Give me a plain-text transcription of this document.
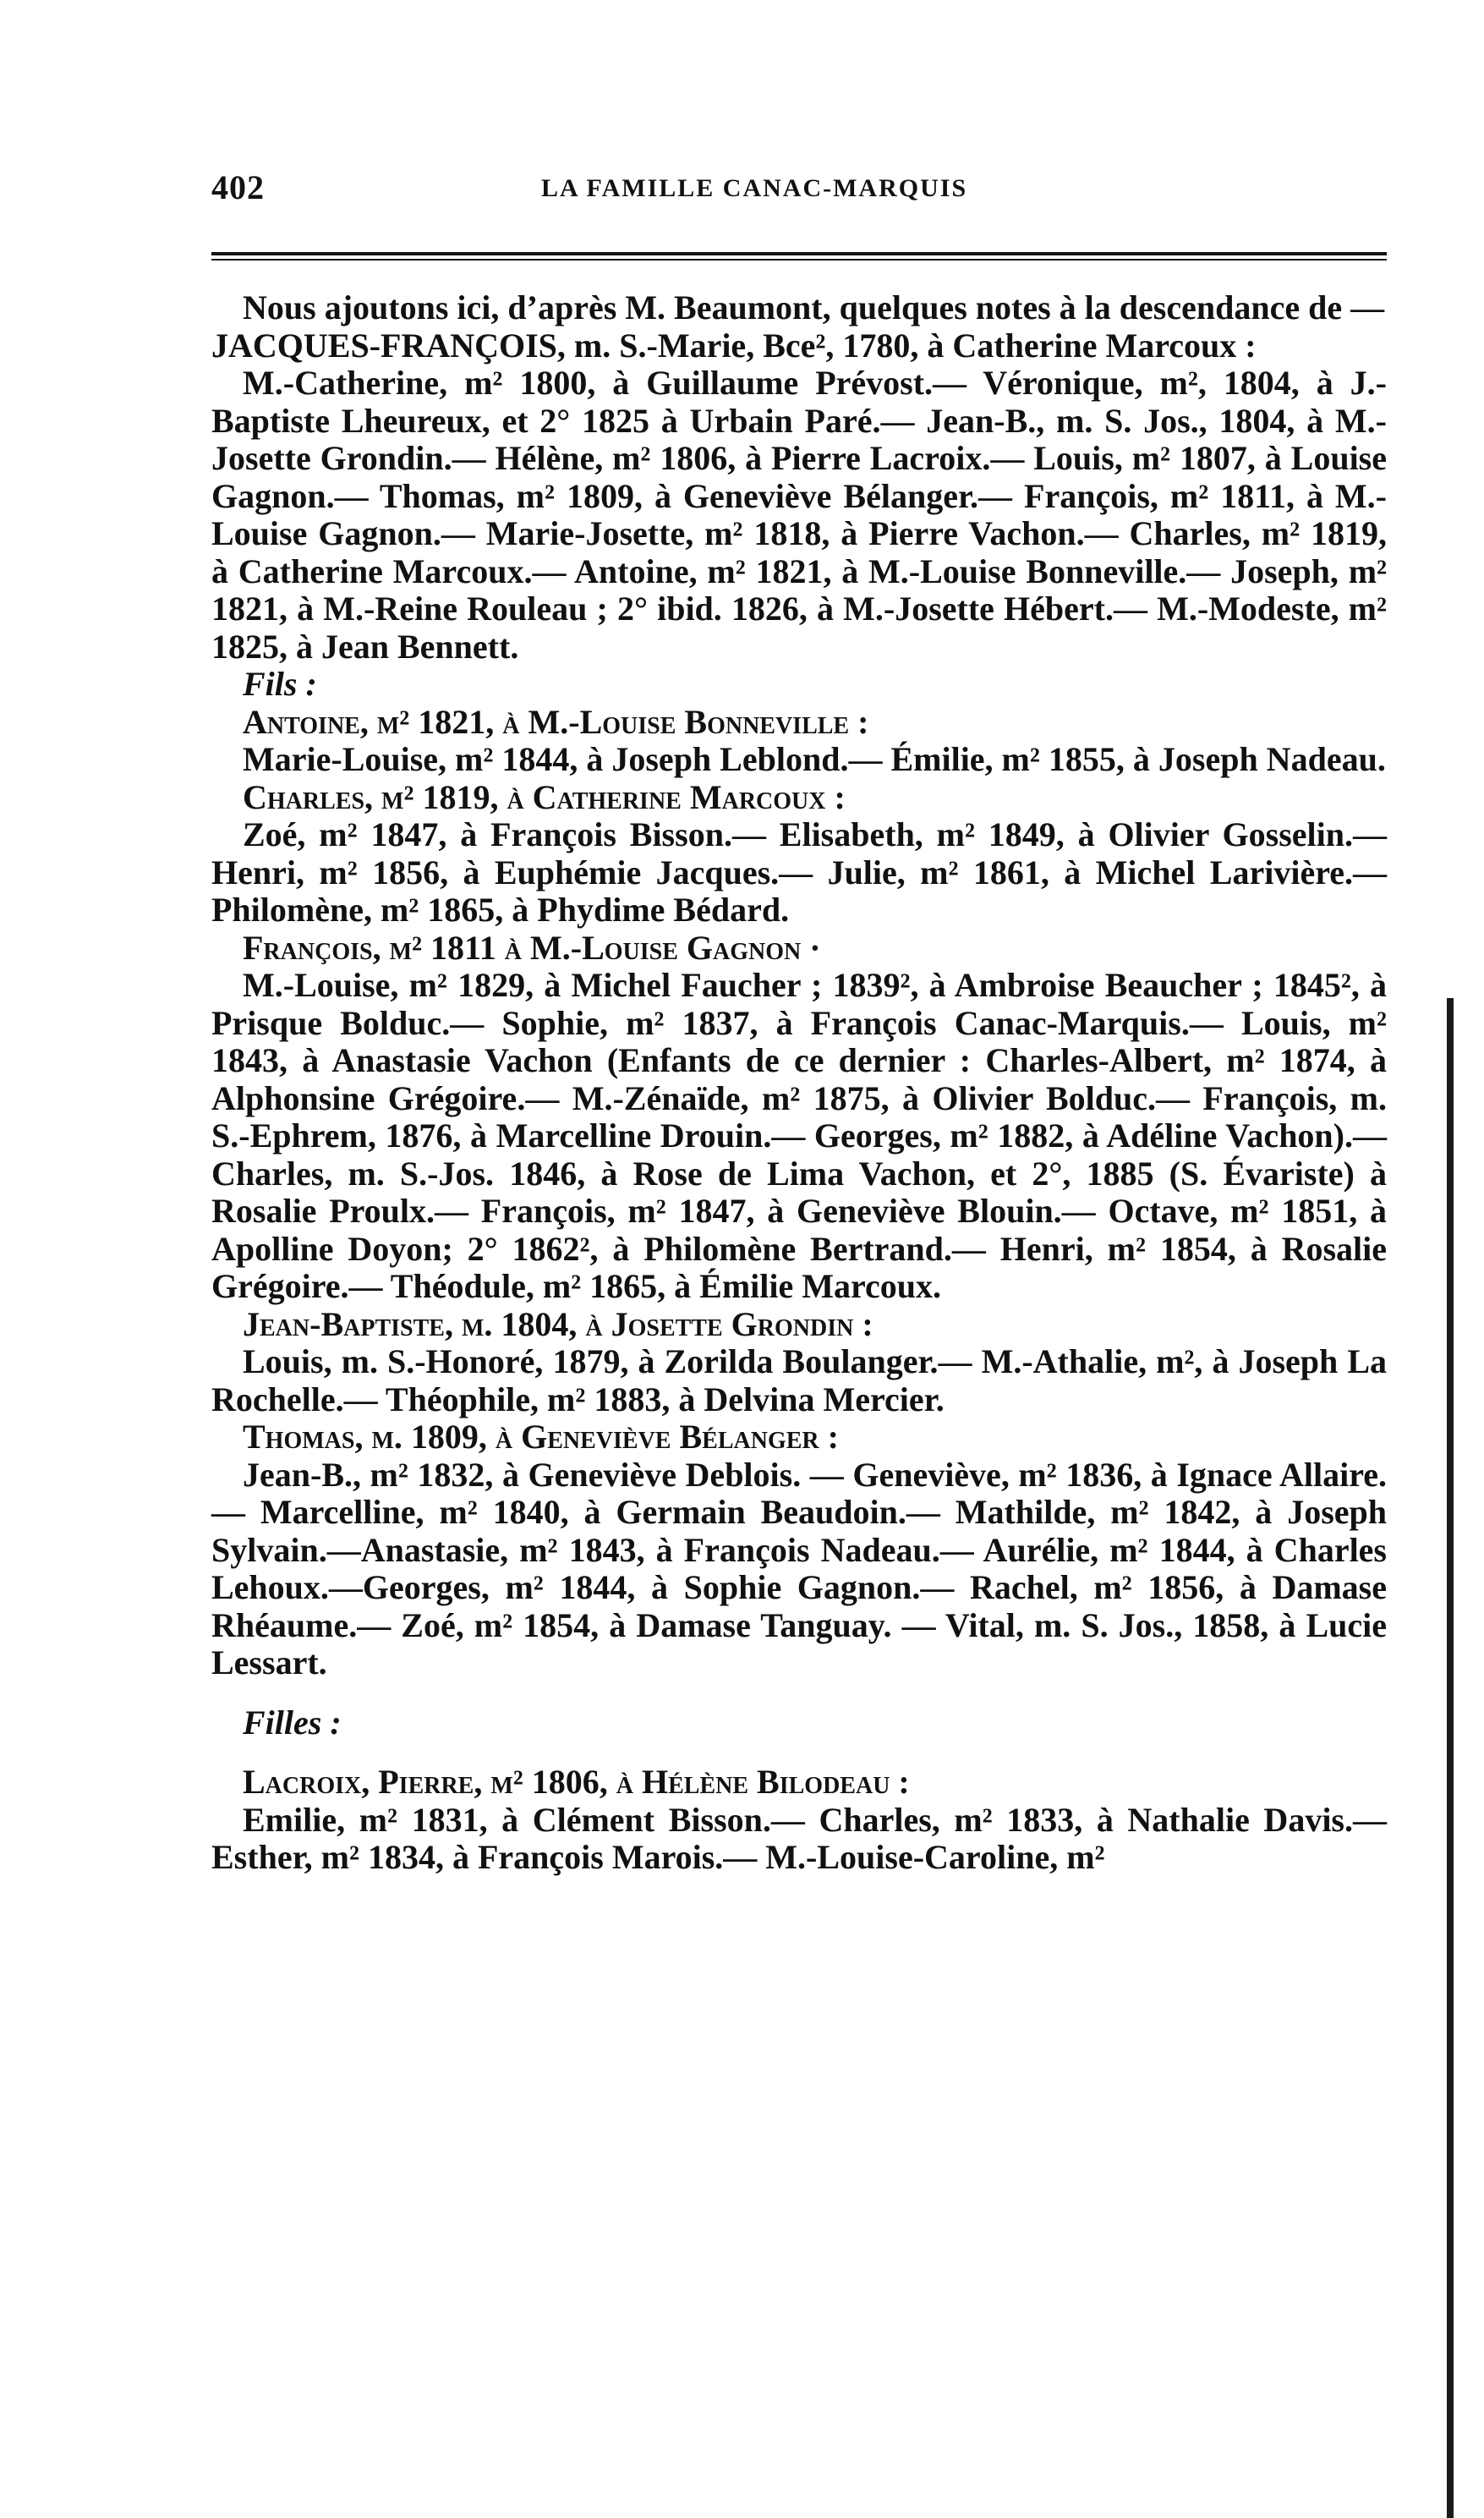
402	LA FAMILLE CANAC-MARQUIS

Nous ajoutons ici, d’après M. Beaumont, quelques notes à la descendance de —

JACQUES-FRANÇOIS, m. S.-Marie, Bce², 1780, à Catherine Marcoux :

M.-Catherine, m² 1800, à Guillaume Prévost.— Véronique, m², 1804, à J.-Baptiste Lheureux, et 2° 1825 à Urbain Paré.— Jean-B., m. S. Jos., 1804, à M.-Josette Grondin.— Hélène, m² 1806, à Pierre Lacroix.— Louis, m² 1807, à Louise Gagnon.— Thomas, m² 1809, à Geneviève Bélanger.— François, m² 1811, à M.-Louise Gagnon.— Marie-Josette, m² 1818, à Pierre Vachon.— Charles, m² 1819, à Catherine Marcoux.— Antoine, m² 1821, à M.-Louise Bonneville.— Joseph, m² 1821, à M.-Reine Rouleau ; 2° ibid. 1826, à M.-Josette Hébert.— M.-Modeste, m² 1825, à Jean Bennett.

Fils :

Antoine, m² 1821, à M.-Louise Bonneville :

Marie-Louise, m² 1844, à Joseph Leblond.— Émilie, m² 1855, à Joseph Nadeau.

Charles, m² 1819, à Catherine Marcoux :

Zoé, m² 1847, à François Bisson.— Elisabeth, m² 1849, à Olivier Gosselin.— Henri, m² 1856, à Euphémie Jacques.— Julie, m² 1861, à Michel Larivière.— Philomène, m² 1865, à Phydime Bédard.

François, m² 1811 à M.-Louise Gagnon ·

M.-Louise, m² 1829, à Michel Faucher ; 1839², à Ambroise Beaucher ; 1845², à Prisque Bolduc.— Sophie, m² 1837, à François Canac-Marquis.— Louis, m² 1843, à Anastasie Vachon (Enfants de ce dernier : Charles-Albert, m² 1874, à Alphonsine Grégoire.— M.-Zénaïde, m² 1875, à Olivier Bolduc.— François, m. S.-Ephrem, 1876, à Marcelline Drouin.— Georges, m² 1882, à Adéline Vachon).— Charles, m. S.-Jos. 1846, à Rose de Lima Vachon, et 2°, 1885 (S. Évariste) à Rosalie Proulx.— François, m² 1847, à Geneviève Blouin.— Octave, m² 1851, à Apolline Doyon; 2° 1862², à Philomène Bertrand.— Henri, m² 1854, à Rosalie Grégoire.— Théodule, m² 1865, à Émilie Marcoux.

Jean-Baptiste, m. 1804, à Josette Grondin :

Louis, m. S.-Honoré, 1879, à Zorilda Boulanger.— M.-Athalie, m², à Joseph La Rochelle.— Théophile, m² 1883, à Delvina Mercier.

Thomas, m. 1809, à Geneviève Bélanger :

Jean-B., m² 1832, à Geneviève Deblois. — Geneviève, m² 1836, à Ignace Allaire.— Marcelline, m² 1840, à Germain Beaudoin.— Mathilde, m² 1842, à Joseph Sylvain.—Anastasie, m² 1843, à François Nadeau.— Aurélie, m² 1844, à Charles Lehoux.—Georges, m² 1844, à Sophie Gagnon.— Rachel, m² 1856, à Damase Rhéaume.— Zoé, m² 1854, à Damase Tanguay. — Vital, m. S. Jos., 1858, à Lucie Lessart.

Filles :

Lacroix, Pierre, m² 1806, à Hélène Bilodeau :

Emilie, m² 1831, à Clément Bisson.— Charles, m² 1833, à Nathalie Davis.— Esther, m² 1834, à François Marois.— M.-Louise-Caroline, m²
